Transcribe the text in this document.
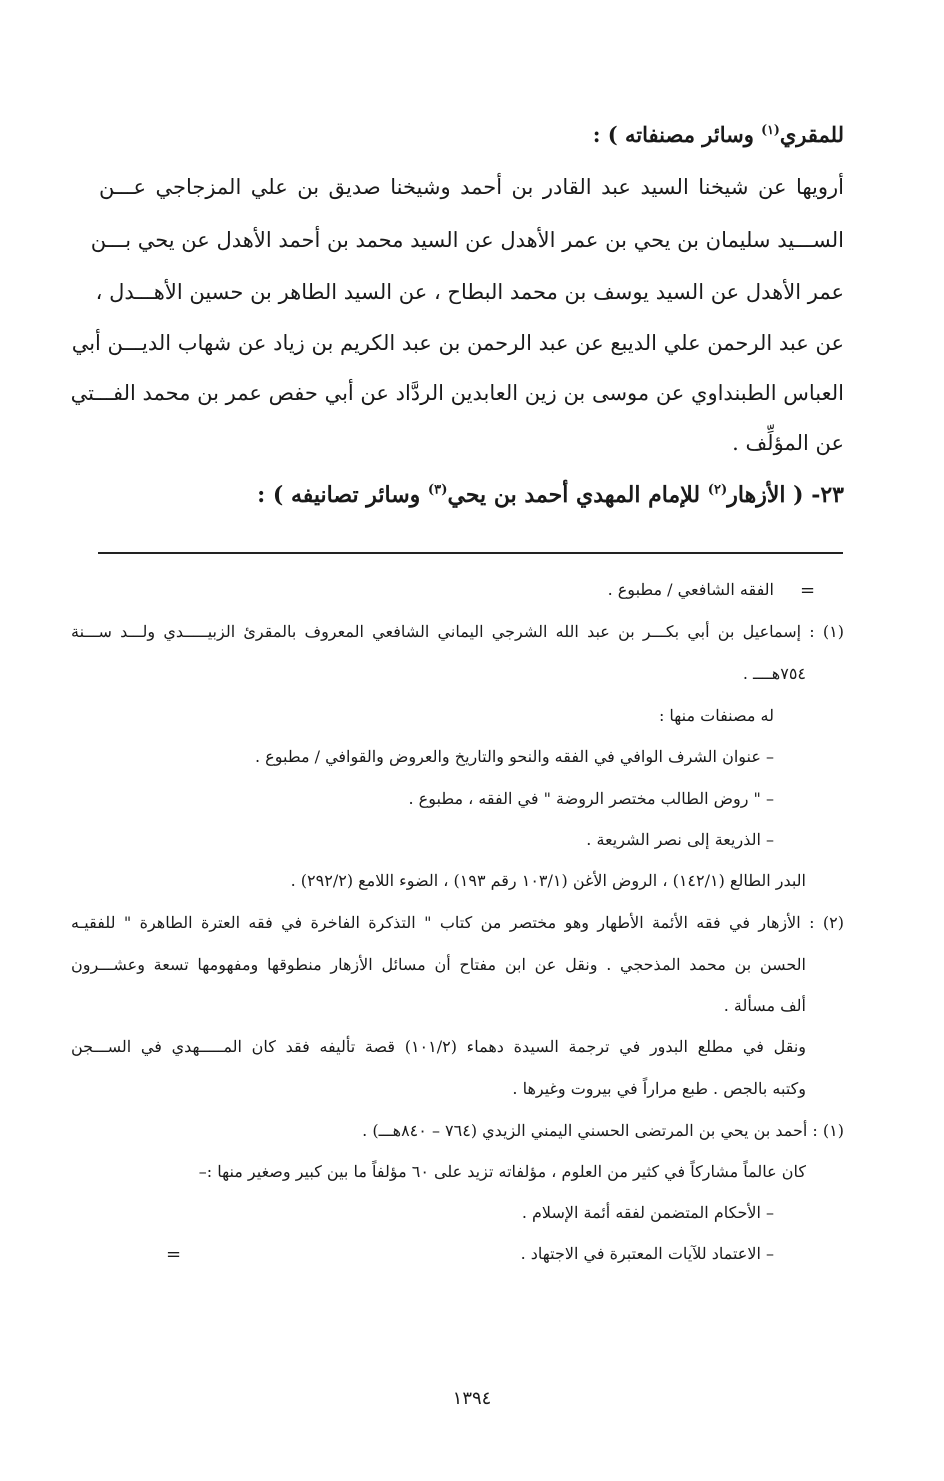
للمقري$^{(١)}$ وسائر مصنفاته ) :
أرويها عن شيخنا السيد عبد القادر بن أحمد وشيخنا صديق بن علي المزجاجي عـــن
الســـيد سليمان بن يحي بن عمر الأهدل عن السيد محمد بن أحمد الأهدل عن يحي بـــن
عمر الأهدل عن السيد يوسف بن محمد البطاح ، عن السيد الطاهر بن حسين الأهـــدل ،
عن عبد الرحمن علي الديبع عن عبد الرحمن بن عبد الكريم بن زياد عن شهاب الديـــن أبي
العباس الطبنداوي عن موسى بن زين العابدين الردَّاد عن أبي حفص عمر بن محمد الفـــتي
عن المؤلِّف .
٢٣- ( الأزهار$^{(٢)}$ للإمام المهدي أحمد بن يحي$^{(٣)}$ وسائر تصانيفه ) :
=
الفقه الشافعي / مطبوع .
(١) : إسماعيل بن أبي بكـــر بن عبد الله الشرجي اليماني الشافعي المعروف بالمقرئ الزبيـــــدي ولـــد ســـنة
٧٥٤هــــ .
له مصنفات منها :
– عنوان الشرف الوافي في الفقه والنحو والتاريخ والعروض والقوافي / مطبوع .
– " روض الطالب مختصر الروضة " في الفقه ، مطبوع .
– الذريعة إلى نصر الشريعة .
البدر الطالع (١٤٢/١) ، الروض الأغن (١٠٣/١ رقم ١٩٣) ، الضوء اللامع (٢٩٢/٢) .
(٢) : الأزهار في فقه الأئمة الأطهار وهو مختصر من كتاب " التذكرة الفاخرة في فقه العترة الطاهرة " للفقيـه
الحسن بن محمد المذحجي . ونقل عن ابن مفتاح أن مسائل الأزهار منطوقها ومفهومها تسعة وعشـــرون
ألف مسألة .
ونقل في مطلع البدور في ترجمة السيدة دهماء (١٠١/٢) قصة تأليفه فقد كان المـــــهدي في الســـجن
وكتبه بالجص . طبع مراراً في بيروت وغيرها .
(١) : أحمد بن يحي بن المرتضى الحسني اليمني الزيدي (٧٦٤ – ٨٤٠هـــ) .
كان عالماً مشاركاً في كثير من العلوم ، مؤلفاته تزيد على ٦٠ مؤلفاً ما بين كبير وصغير منها :–
– الأحكام المتضمن لفقه أئمة الإسلام .
– الاعتماد للآيات المعتبرة في الاجتهاد .
=
١٣٩٤
